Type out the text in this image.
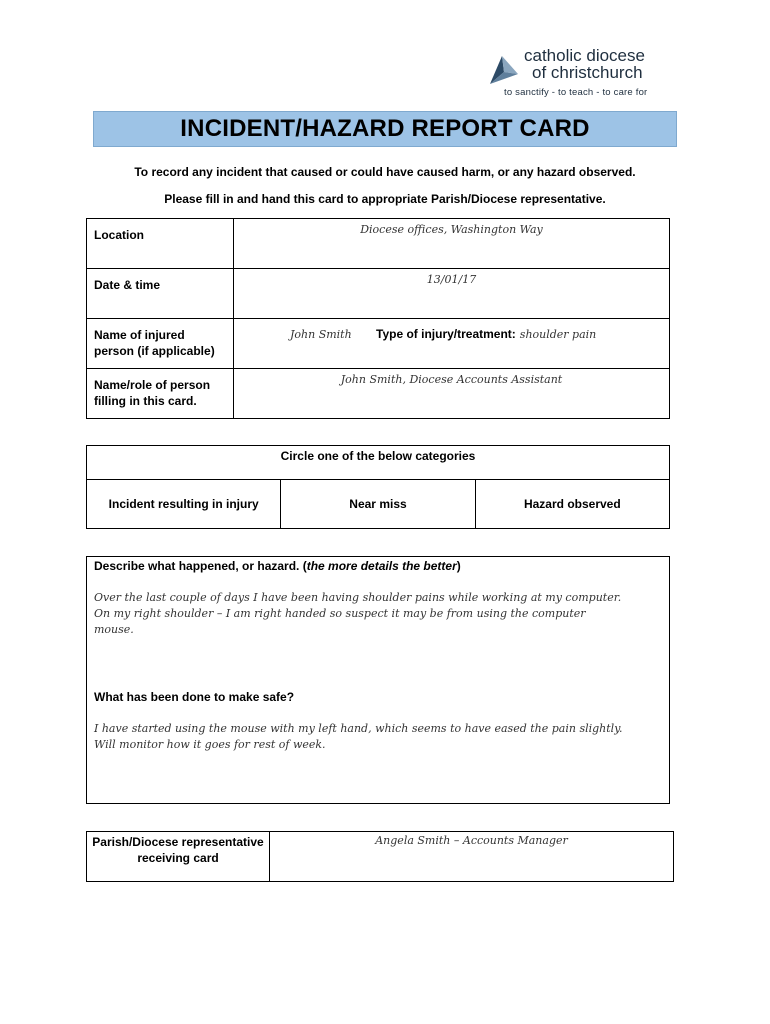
catholic diocese
of christchurch
to sanctify - to teach - to care for
INCIDENT/HAZARD REPORT CARD
To record any incident that caused or could have caused harm, or any hazard observed.
Please fill in and hand this card to appropriate Parish/Diocese representative.
Location	Diocese offices, Washington Way
Date & time	13/01/17
Name of injured person (if applicable)	John Smith Type of injury/treatment: shoulder pain

Name/role of person filling in this card.	John Smith, Diocese Accounts Assistant
Circle one of the below categories
Incident resulting in injury	Near miss	Hazard observed
Describe what happened, or hazard. (the more details the better)
Over the last couple of days I have been having shoulder pains while working at my computer.
On my right shoulder – I am right handed so suspect it may be from using the computer
mouse.
What has been done to make safe?
I have started using the mouse with my left hand, which seems to have eased the pain slightly.
Will monitor how it goes for rest of week.
Parish/Diocese representative receiving card	Angela Smith – Accounts Manager
